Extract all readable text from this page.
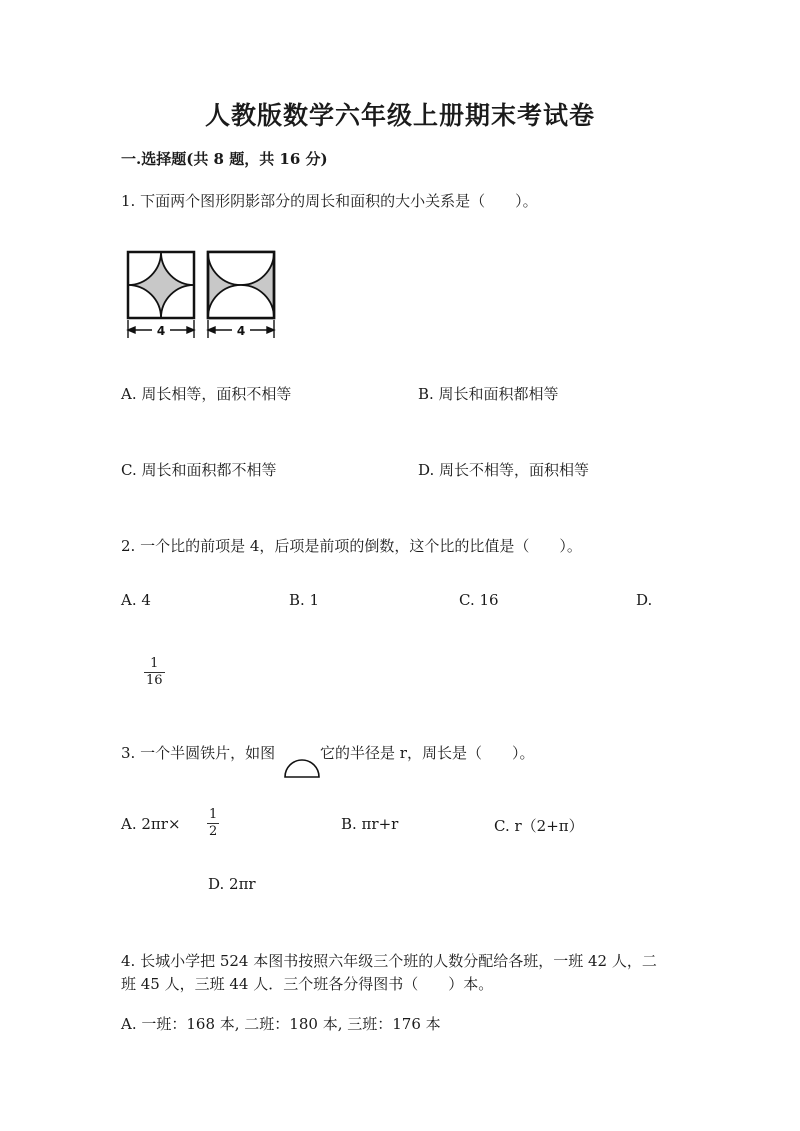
人教版数学六年级上册期末考试卷
一.选择题(共 8 题，共 16 分)
1. 下面两个图形阴影部分的周长和面积的大小关系是（　　）。
4	4
A. 周长相等，面积不相等	B. 周长和面积都相等
C. 周长和面积都不相等	D. 周长不相等，面积相等
2. 一个比的前项是 4，后项是前项的倒数，这个比的比值是（　　）。
A. 4	B. 1	C. 16	D.
1
16
3. 一个半圆铁片，如图	它的半径是 r，周长是（　　）。
A. 2πr×
1
2	B. πr+r	C. r（2+π）
D. 2πr
4. 长城小学把 524 本图书按照六年级三个班的人数分配给各班，一班 42 人，二
班 45 人，三班 44 人．三个班各分得图书（　　）本。
A. 一班：168 本, 二班：180 本, 三班：176 本
